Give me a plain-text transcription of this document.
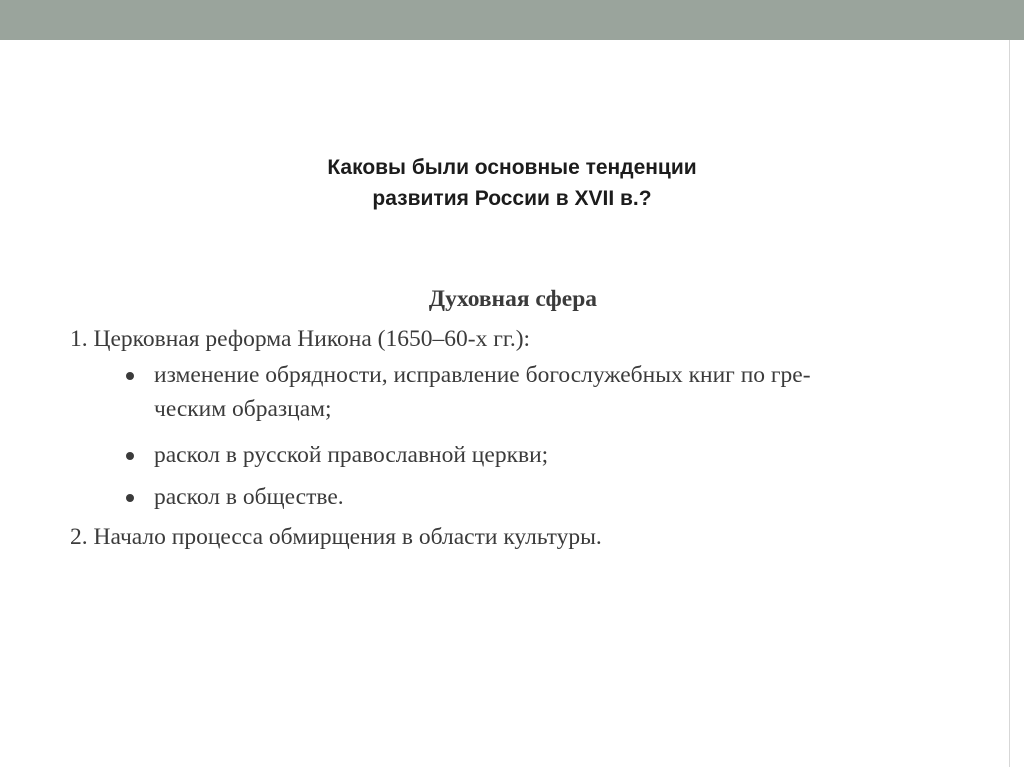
Каковы были основные тенденции
развития России в XVII в.?
Духовная сфера
1. Церковная реформа Никона (1650–60-х гг.):
изменение обрядности, исправление богослужебных книг по гре-
ческим образцам;
раскол в русской православной церкви;
раскол в обществе.
2. Начало процесса обмирщения в области культуры.
